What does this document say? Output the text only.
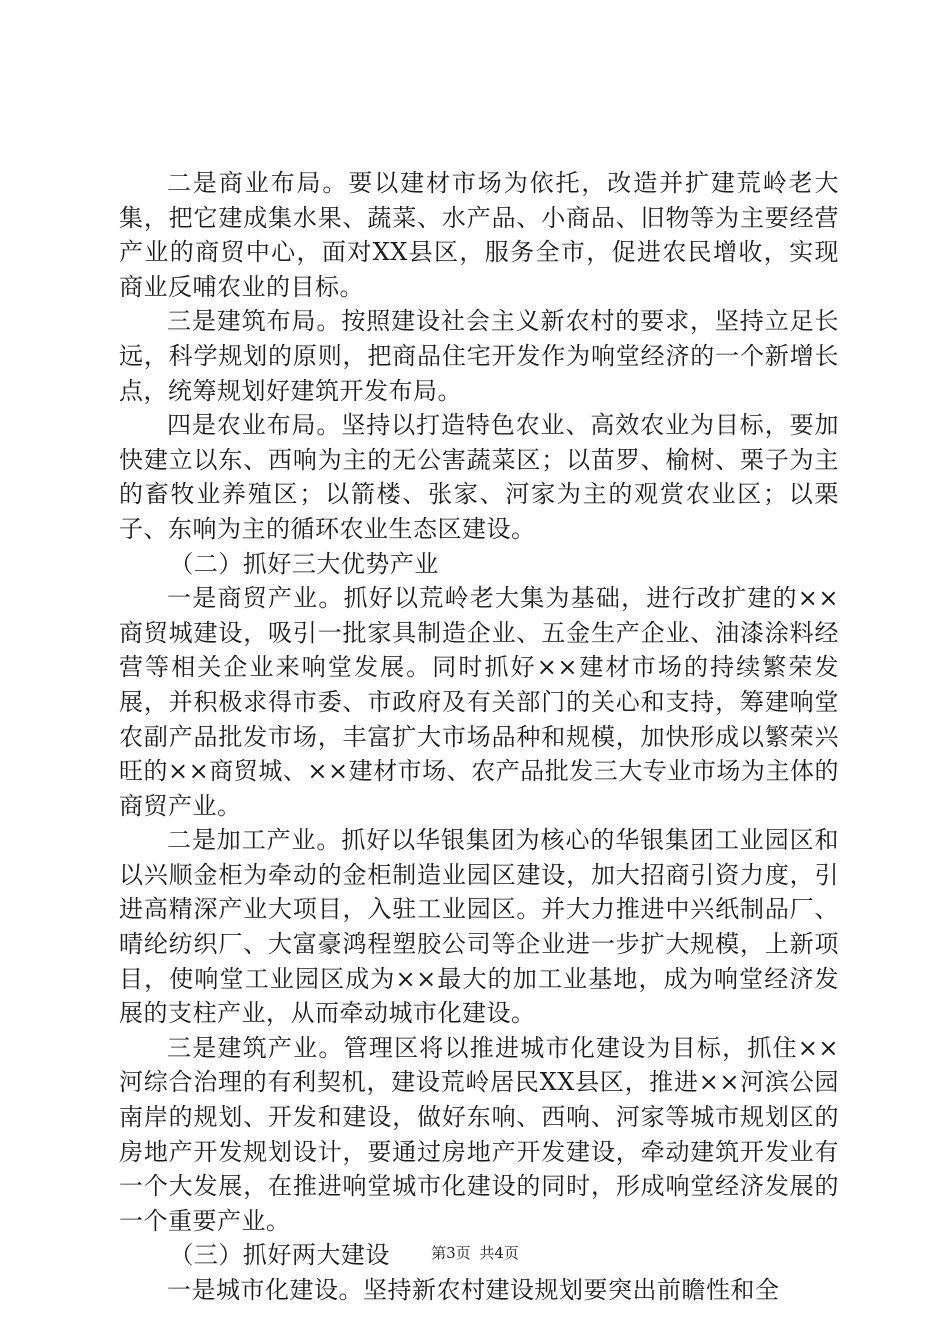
二是商业布局。要以建材市场为依托，改造并扩建荒岭老大集，把它建成集水果、蔬菜、水产品、小商品、旧物等为主要经营产业的商贸中心，面对XX县区，服务全市，促进农民增收，实现商业反哺农业的目标。

三是建筑布局。按照建设社会主义新农村的要求，坚持立足长远，科学规划的原则，把商品住宅开发作为响堂经济的一个新增长点，统筹规划好建筑开发布局。

四是农业布局。坚持以打造特色农业、高效农业为目标，要加快建立以东、西响为主的无公害蔬菜区；以苗罗、榆树、栗子为主的畜牧业养殖区；以箭楼、张家、河家为主的观赏农业区；以栗子、东响为主的循环农业生态区建设。

（二）抓好三大优势产业

一是商贸产业。抓好以荒岭老大集为基础，进行改扩建的××商贸城建设，吸引一批家具制造企业、五金生产企业、油漆涂料经营等相关企业来响堂发展。同时抓好××建材市场的持续繁荣发展，并积极求得市委、市政府及有关部门的关心和支持，筹建响堂农副产品批发市场，丰富扩大市场品种和规模，加快形成以繁荣兴旺的××商贸城、××建材市场、农产品批发三大专业市场为主体的商贸产业。

二是加工产业。抓好以华银集团为核心的华银集团工业园区和以兴顺金柜为牵动的金柜制造业园区建设，加大招商引资力度，引进高精深产业大项目，入驻工业园区。并大力推进中兴纸制品厂、晴纶纺织厂、大富豪鸿程塑胶公司等企业进一步扩大规模，上新项目，使响堂工业园区成为××最大的加工业基地，成为响堂经济发展的支柱产业，从而牵动城市化建设。

三是建筑产业。管理区将以推进城市化建设为目标，抓住××河综合治理的有利契机，建设荒岭居民XX县区，推进××河滨公园南岸的规划、开发和建设，做好东响、西响、河家等城市规划区的房地产开发规划设计，要通过房地产开发建设，牵动建筑开发业有一个大发展，在推进响堂城市化建设的同时，形成响堂经济发展的一个重要产业。

（三）抓好两大建设

一是城市化建设。坚持新农村建设规划要突出前瞻性和全

第3页 共4页
